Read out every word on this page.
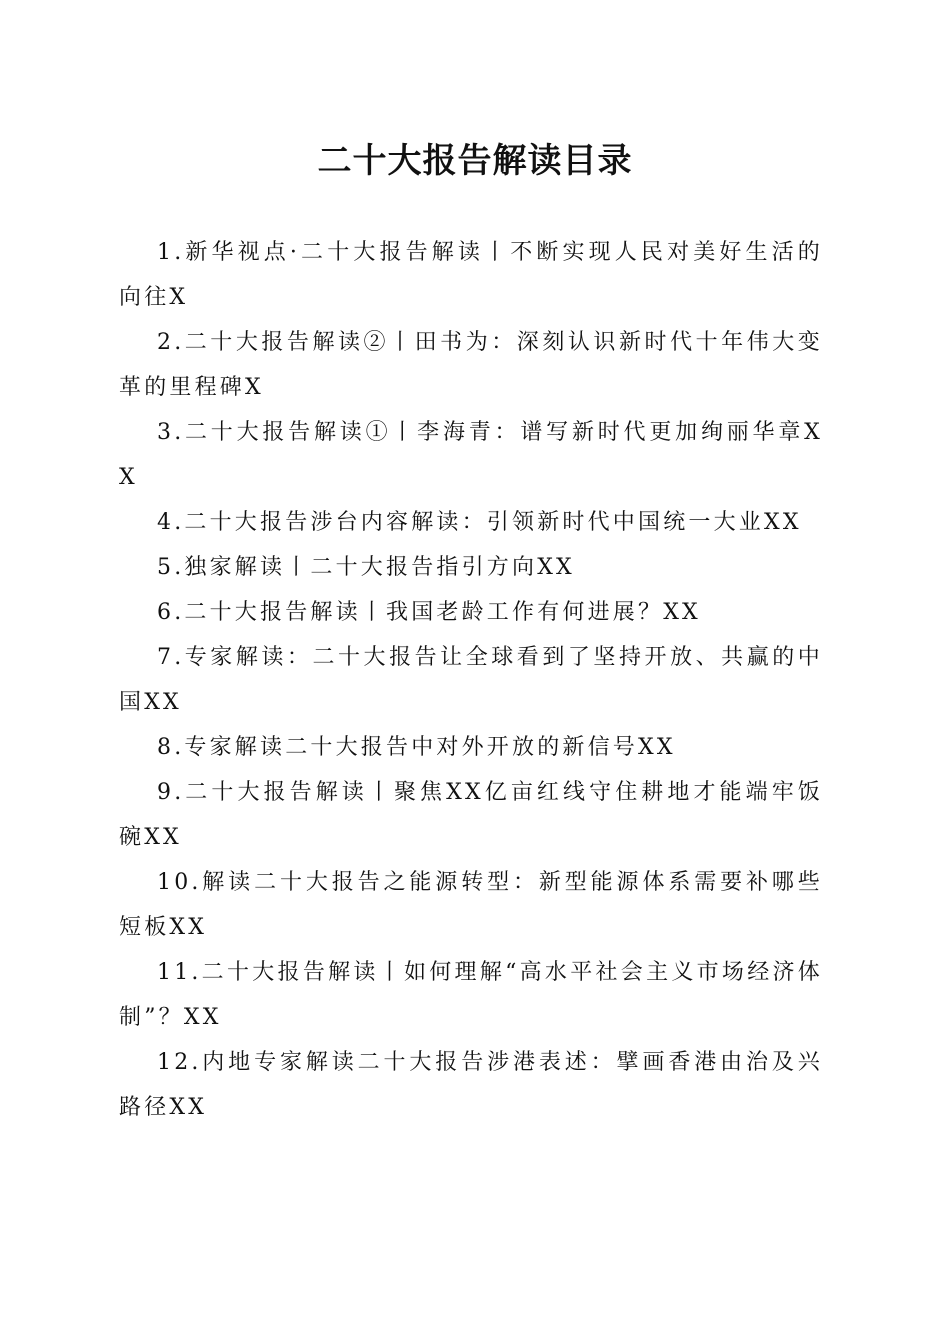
二十大报告解读目录
1.新华视点·二十大报告解读丨不断实现人民对美好生活的向往X
2.二十大报告解读②丨田书为：深刻认识新时代十年伟大变革的里程碑X
3.二十大报告解读①丨李海青：谱写新时代更加绚丽华章XX
4.二十大报告涉台内容解读：引领新时代中国统一大业XX
5.独家解读丨二十大报告指引方向XX
6.二十大报告解读丨我国老龄工作有何进展？XX
7.专家解读：二十大报告让全球看到了坚持开放、共赢的中国XX
8.专家解读二十大报告中对外开放的新信号XX
9.二十大报告解读丨聚焦XX亿亩红线守住耕地才能端牢饭碗XX
10.解读二十大报告之能源转型：新型能源体系需要补哪些短板XX
11.二十大报告解读丨如何理解“高水平社会主义市场经济体制”？XX
12.内地专家解读二十大报告涉港表述：擘画香港由治及兴路径XX
